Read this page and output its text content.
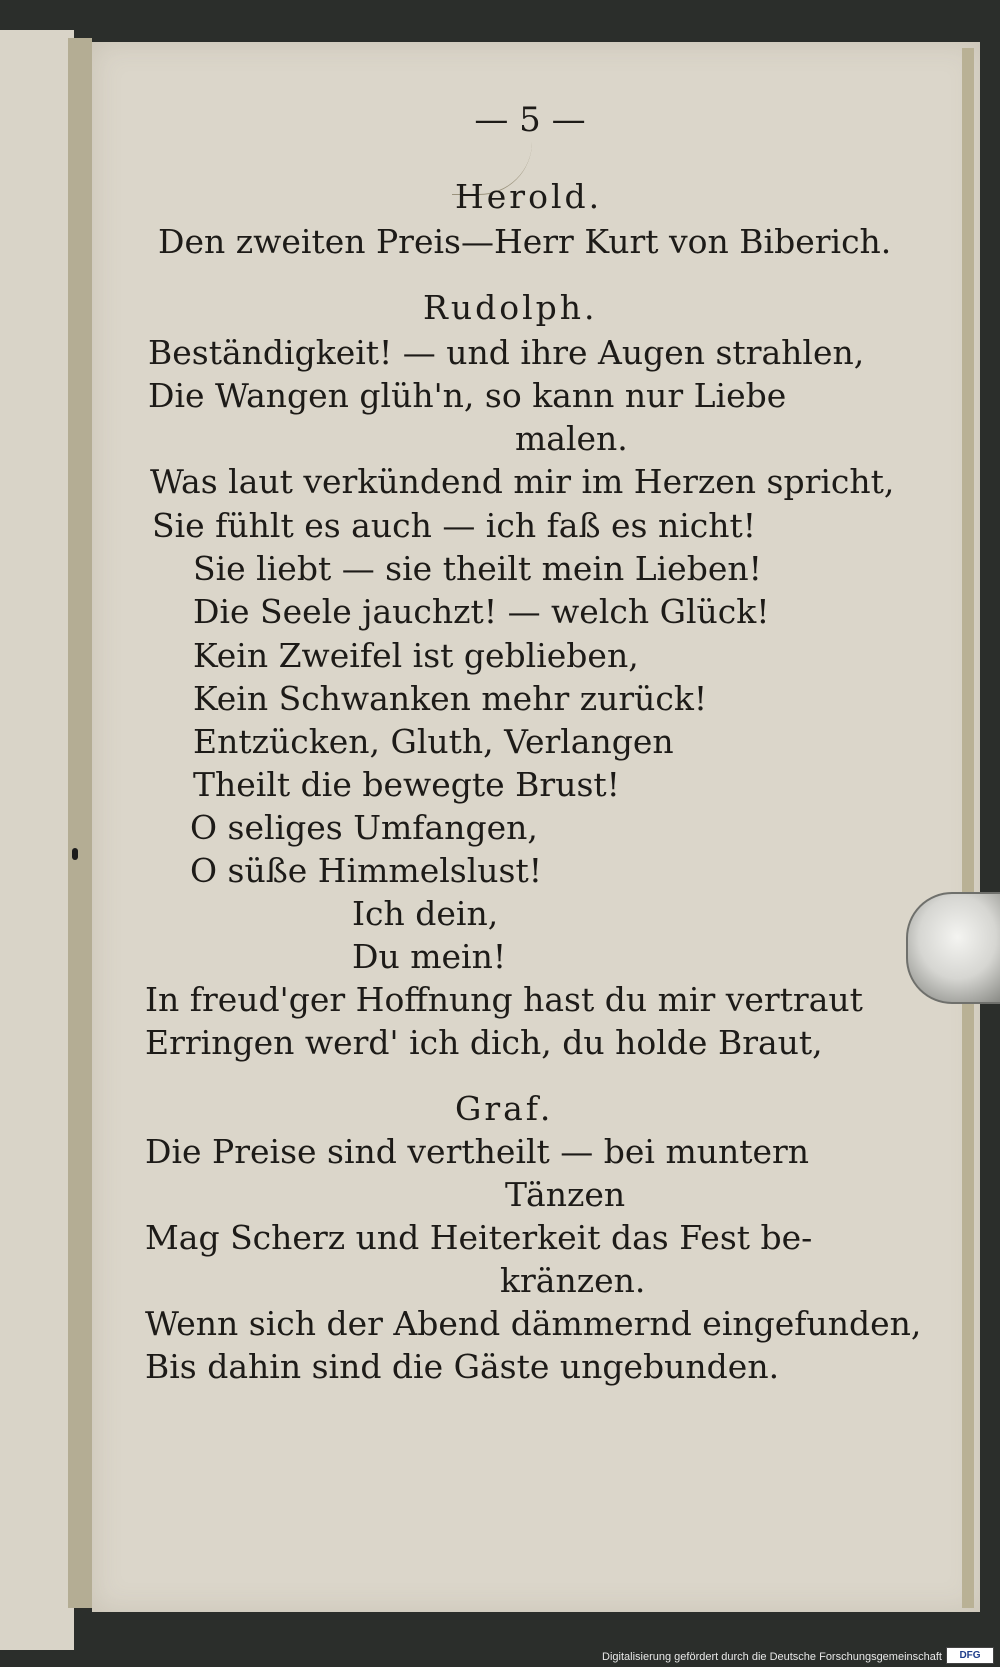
— 5 —

Herold.

Den zweiten Preis—Herr Kurt von Biberich.

Rudolph.

Beständigkeit! — und ihre Augen strahlen,

Die Wangen glüh'n, so kann nur Liebe

malen.

Was laut verkündend mir im Herzen spricht,

Sie fühlt es auch — ich faß es nicht!

Sie liebt — sie theilt mein Lieben!

Die Seele jauchzt! — welch Glück!

Kein Zweifel ist geblieben,

Kein Schwanken mehr zurück!

Entzücken, Gluth, Verlangen

Theilt die bewegte Brust!

O seliges Umfangen,

O süße Himmelslust!

Ich dein,

Du mein!

In freud'ger Hoffnung hast du mir vertraut

Erringen werd' ich dich, du holde Braut,

Graf.

Die Preise sind vertheilt — bei muntern

Tänzen

Mag Scherz und Heiterkeit das Fest be-

kränzen.

Wenn sich der Abend dämmernd eingefunden,

Bis dahin sind die Gäste ungebunden.

Digitalisierung gefördert durch die Deutsche Forschungsgemeinschaft	DFG
